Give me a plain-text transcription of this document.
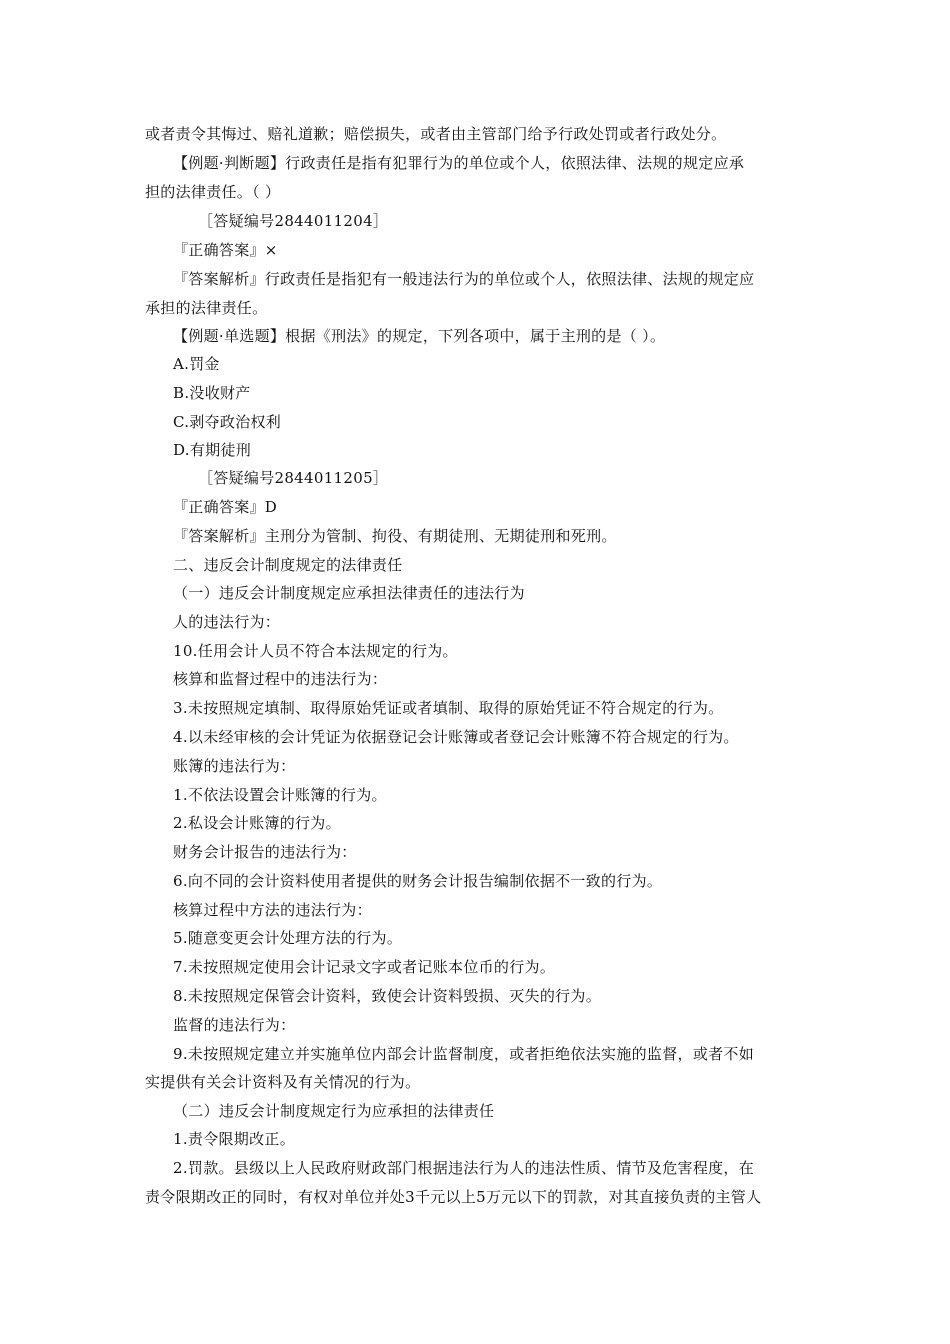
或者责令其悔过、赔礼道歉；赔偿损失，或者由主管部门给予行政处罚或者行政处分。
【例题·判断题】行政责任是指有犯罪行为的单位或个人，依照法律、法规的规定应承
担的法律责任。（ ）
［答疑编号2844011204］
『正确答案』×
『答案解析』行政责任是指犯有一般违法行为的单位或个人，依照法律、法规的规定应
承担的法律责任。
【例题·单选题】根据《刑法》的规定，下列各项中，属于主刑的是（ ）。
A.罚金
B.没收财产
C.剥夺政治权利
D.有期徒刑
［答疑编号2844011205］
『正确答案』D
『答案解析』主刑分为管制、拘役、有期徒刑、无期徒刑和死刑。
二、违反会计制度规定的法律责任
（一）违反会计制度规定应承担法律责任的违法行为
人的违法行为：
10.任用会计人员不符合本法规定的行为。
核算和监督过程中的违法行为：
3.未按照规定填制、取得原始凭证或者填制、取得的原始凭证不符合规定的行为。
4.以未经审核的会计凭证为依据登记会计账簿或者登记会计账簿不符合规定的行为。
账簿的违法行为：
1.不依法设置会计账簿的行为。
2.私设会计账簿的行为。
财务会计报告的违法行为：
6.向不同的会计资料使用者提供的财务会计报告编制依据不一致的行为。
核算过程中方法的违法行为：
5.随意变更会计处理方法的行为。
7.未按照规定使用会计记录文字或者记账本位币的行为。
8.未按照规定保管会计资料，致使会计资料毁损、灭失的行为。
监督的违法行为：
9.未按照规定建立并实施单位内部会计监督制度，或者拒绝依法实施的监督，或者不如
实提供有关会计资料及有关情况的行为。
（二）违反会计制度规定行为应承担的法律责任
1.责令限期改正。
2.罚款。县级以上人民政府财政部门根据违法行为人的违法性质、情节及危害程度，在
责令限期改正的同时，有权对单位并处3千元以上5万元以下的罚款，对其直接负责的主管人
